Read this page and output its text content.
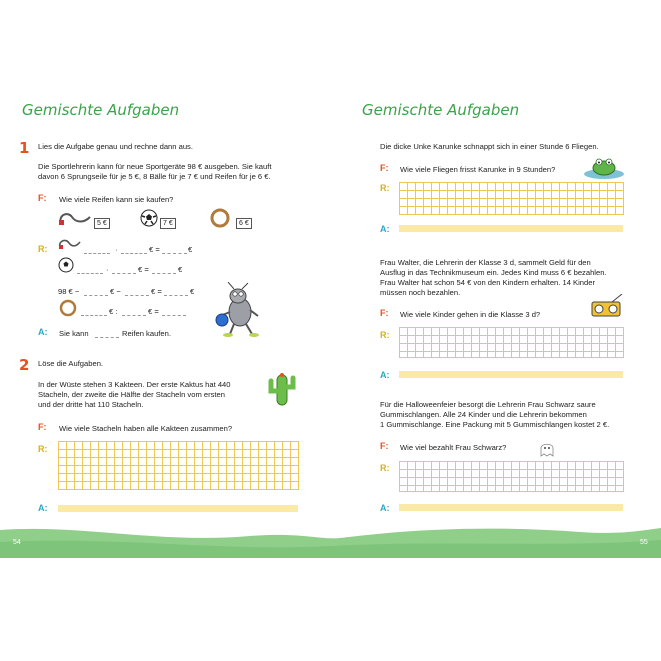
Gemischte Aufgaben
1 Lies die Aufgabe genau und rechne dann aus.
Die Sportlehrerin kann für neue Sportgeräte 98 € ausgeben. Sie kauft
davon 6 Sprungseile für je 5 €, 8 Bälle für je 7 € und Reifen für je 6 €.
F: Wie viele Reifen kann sie kaufen?
5 €	7 €	6 €
R:	·	€ =	€
·	€ =	€
98 € −	€ −	€ =	€
€ :	€ =
A: Sie kann	Reifen kaufen.
2 Löse die Aufgaben.
In der Wüste stehen 3 Kakteen. Der erste Kaktus hat 440
Stacheln, der zweite die Hälfte der Stacheln vom ersten
und der dritte hat 110 Stacheln.
F: Wie viele Stacheln haben alle Kakteen zusammen?
R:
A:
Gemischte Aufgaben
Die dicke Unke Karunke schnappt sich in einer Stunde 6 Fliegen.
F: Wie viele Fliegen frisst Karunke in 9 Stunden?
R:
A:
Frau Walter, die Lehrerin der Klasse 3 d, sammelt Geld für den
Ausflug in das Technikmuseum ein. Jedes Kind muss 6 € bezahlen.
Frau Walter hat schon 54 € von den Kindern erhalten. 14 Kinder
müssen noch bezahlen.
F: Wie viele Kinder gehen in die Klasse 3 d?
R:
A:
Für die Halloweenfeier besorgt die Lehrerin Frau Schwarz saure
Gummischlangen. Alle 24 Kinder und die Lehrerin bekommen
1 Gummischlange. Eine Packung mit 5 Gummischlangen kostet 2 €.
F: Wie viel bezahlt Frau Schwarz?
R:
A:
54	55
